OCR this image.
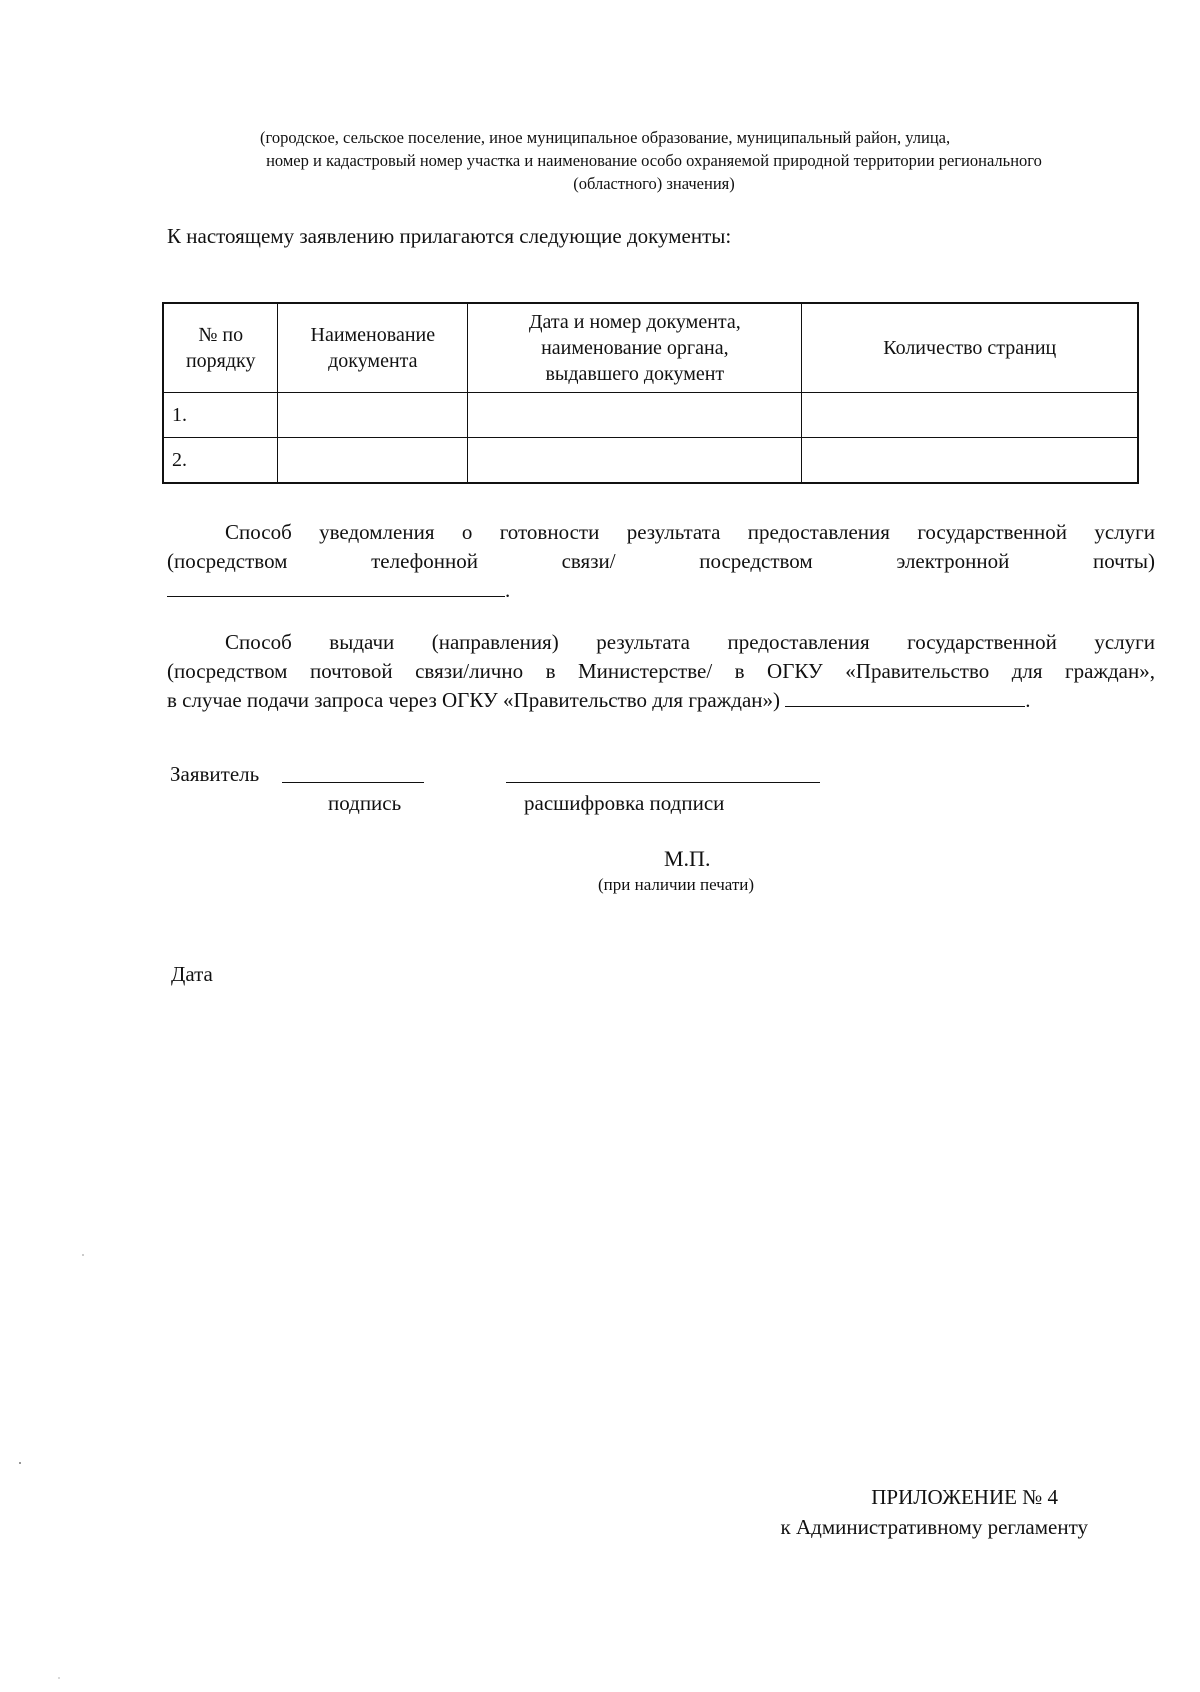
(городское, сельское поселение, иное муниципальное образование, муниципальный район, улица,
номер и кадастровый номер участка и наименование особо охраняемой природной территории регионального
(областного) значения)
К настоящему заявлению прилагаются следующие документы:
№ по порядку	Наименование документа	Дата и номер документа, наименование органа, выдавшего документ	Количество страниц
1.			
2.			
Способ уведомления о готовности результата предоставления государственной услуги
(посредством телефонной связи/ посредством электронной почты)
.
Способ выдачи (направления) результата предоставления государственной услуги
(посредством почтовой связи/лично в Министерстве/ в ОГКУ «Правительство для граждан»,
в случае подачи запроса через ОГКУ «Правительство для граждан»)	.
Заявитель
подпись	расшифровка подписи
М.П.
(при наличии печати)
Дата
ПРИЛОЖЕНИЕ № 4
к Административному регламенту
